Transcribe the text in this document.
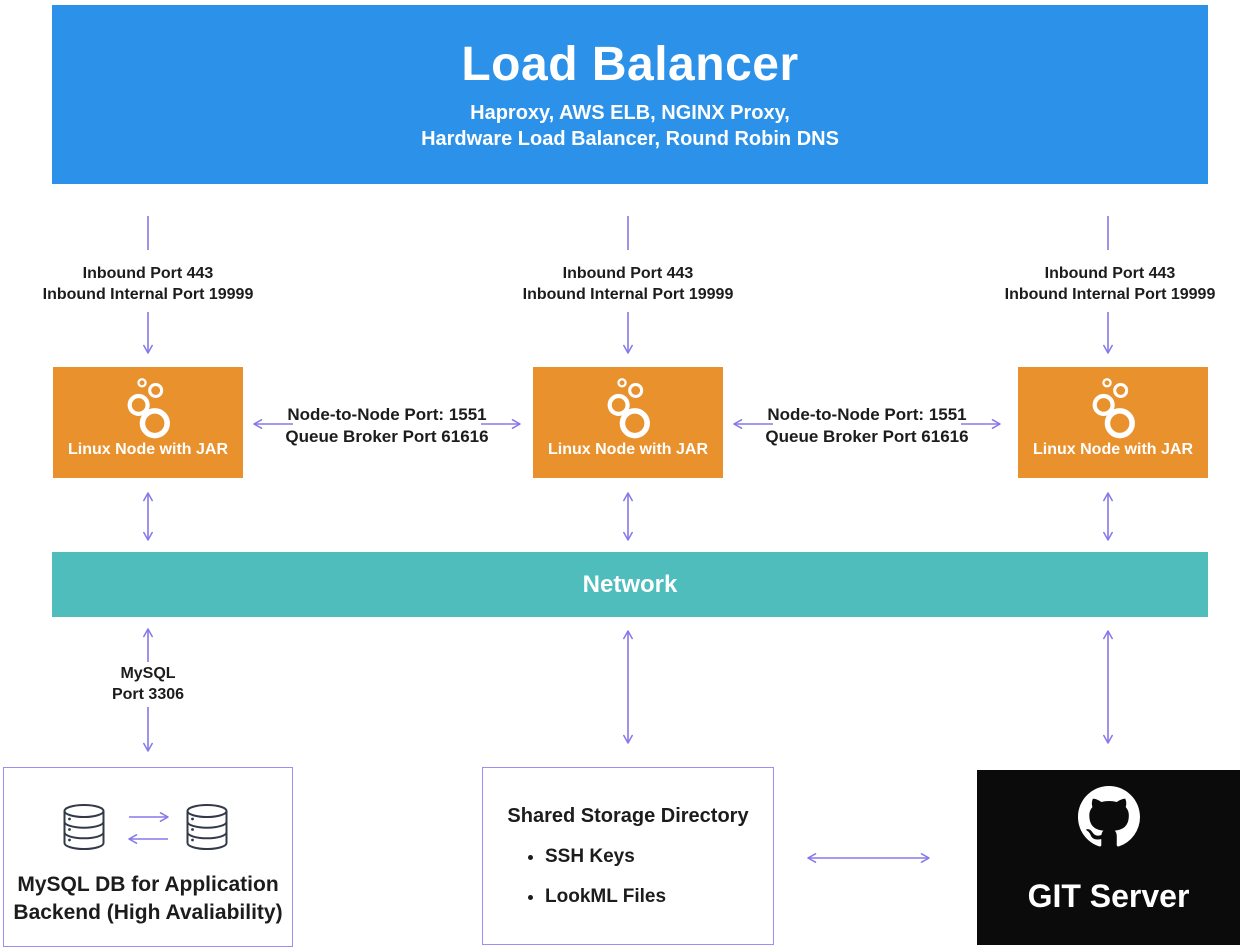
Load Balancer
Haproxy, AWS ELB, NGINX Proxy,
Hardware Load Balancer, Round Robin DNS
Inbound Port 443
Inbound Internal Port 19999
Inbound Port 443
Inbound Internal Port 19999
Inbound Port 443
Inbound Internal Port 19999
Linux Node with JAR	Linux Node with JAR	Linux Node with JAR
Node-to-Node Port: 1551
Queue Broker Port 61616
Node-to-Node Port: 1551
Queue Broker Port 61616
Network
MySQL
Port 3306
MySQL DB for Application
Backend (High Avaliability)
Shared Storage Directory
• SSH Keys
• LookML Files	GIT Server
